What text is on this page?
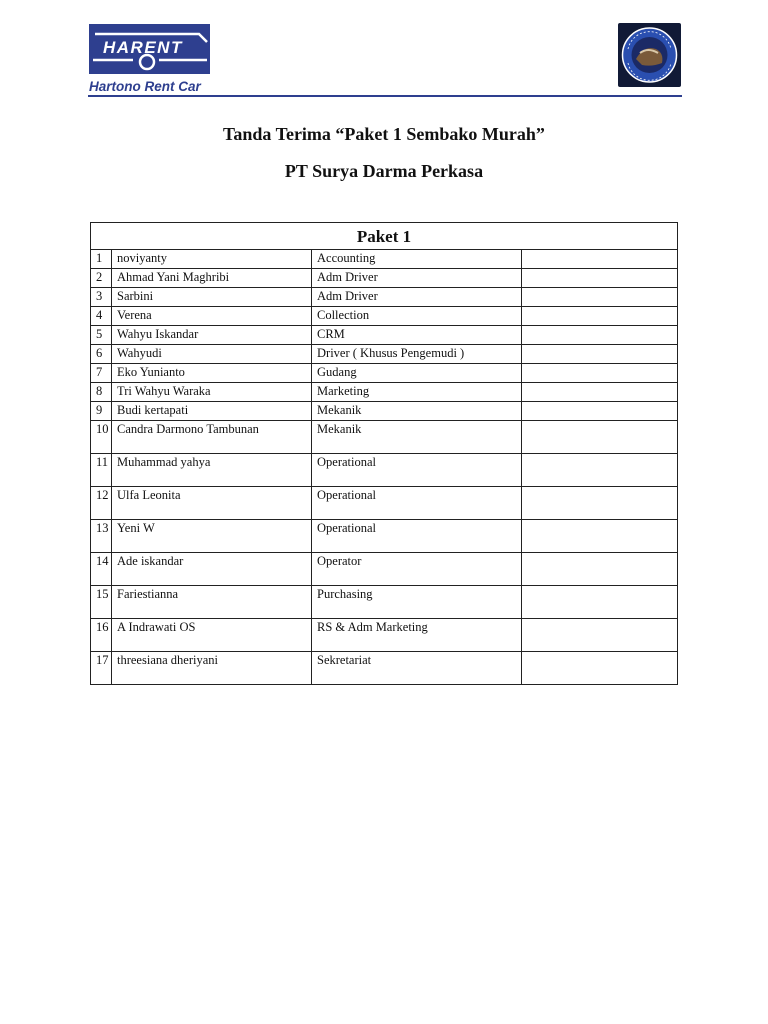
HARENT
Hartono Rent Car
Tanda Terima “Paket 1 Sembako Murah”
PT Surya Darma Perkasa
Paket 1			
1	noviyanty	Accounting	
2	Ahmad Yani Maghribi	Adm Driver	
3	Sarbini	Adm Driver	
4	Verena	Collection	
5	Wahyu Iskandar	CRM	
6	Wahyudi	Driver ( Khusus Pengemudi )	
7	Eko Yunianto	Gudang	
8	Tri Wahyu Waraka	Marketing	
9	Budi kertapati	Mekanik	
10	Candra Darmono Tambunan	Mekanik	
11	Muhammad yahya	Operational	
12	Ulfa Leonita	Operational	
13	Yeni W	Operational	
14	Ade iskandar	Operator	
15	Fariestianna	Purchasing	
16	A Indrawati OS	RS & Adm Marketing	
17	threesiana dheriyani	Sekretariat	
